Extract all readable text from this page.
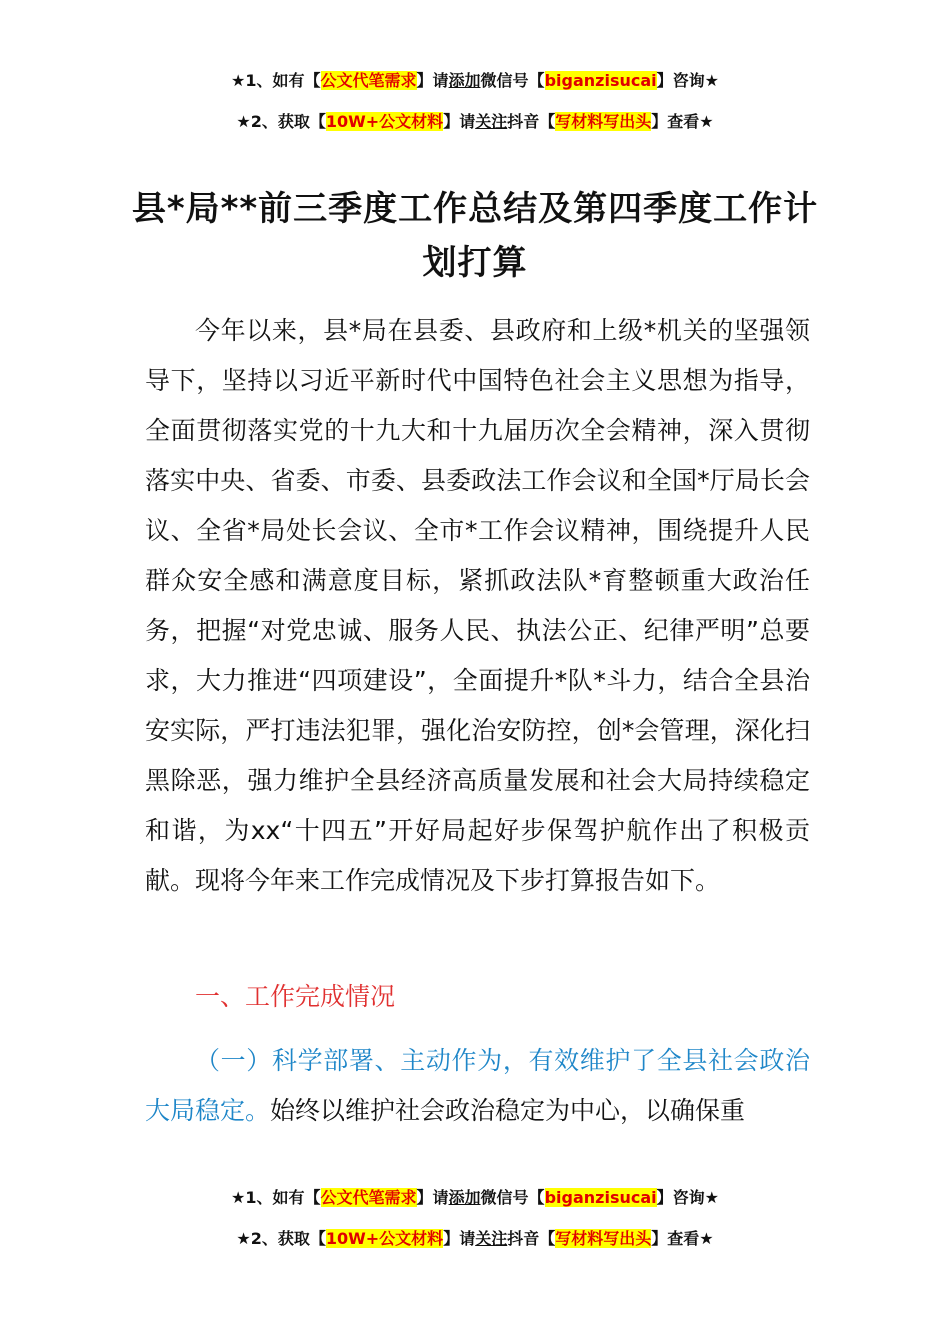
★1、如有【公文代笔需求】请添加微信号【biganzisucai】咨询★
★2、获取【10W+公文材料】请关注抖音【写材料写出头】查看★
县*局**前三季度工作总结及第四季度工作计划打算
今年以来，县*局在县委、县政府和上级*机关的坚强领导下，坚持以习近平新时代中国特色社会主义思想为指导，全面贯彻落实党的十九大和十九届历次全会精神，深入贯彻落实中央、省委、市委、县委政法工作会议和全国*厅局长会议、全省*局处长会议、全市*工作会议精神，围绕提升人民群众安全感和满意度目标，紧抓政法队*育整顿重大政治任务，把握“对党忠诚、服务人民、执法公正、纪律严明”总要求，大力推进“四项建设”，全面提升*队*斗力，结合全县治安实际，严打违法犯罪，强化治安防控，创*会管理，深化扫黑除恶，强力维护全县经济高质量发展和社会大局持续稳定和谐，为xx“十四五”开好局起好步保驾护航作出了积极贡献。现将今年来工作完成情况及下步打算报告如下。
一、工作完成情况
（一）科学部署、主动作为，有效维护了全县社会政治大局稳定。始终以维护社会政治稳定为中心，以确保重
★1、如有【公文代笔需求】请添加微信号【biganzisucai】咨询★
★2、获取【10W+公文材料】请关注抖音【写材料写出头】查看★
